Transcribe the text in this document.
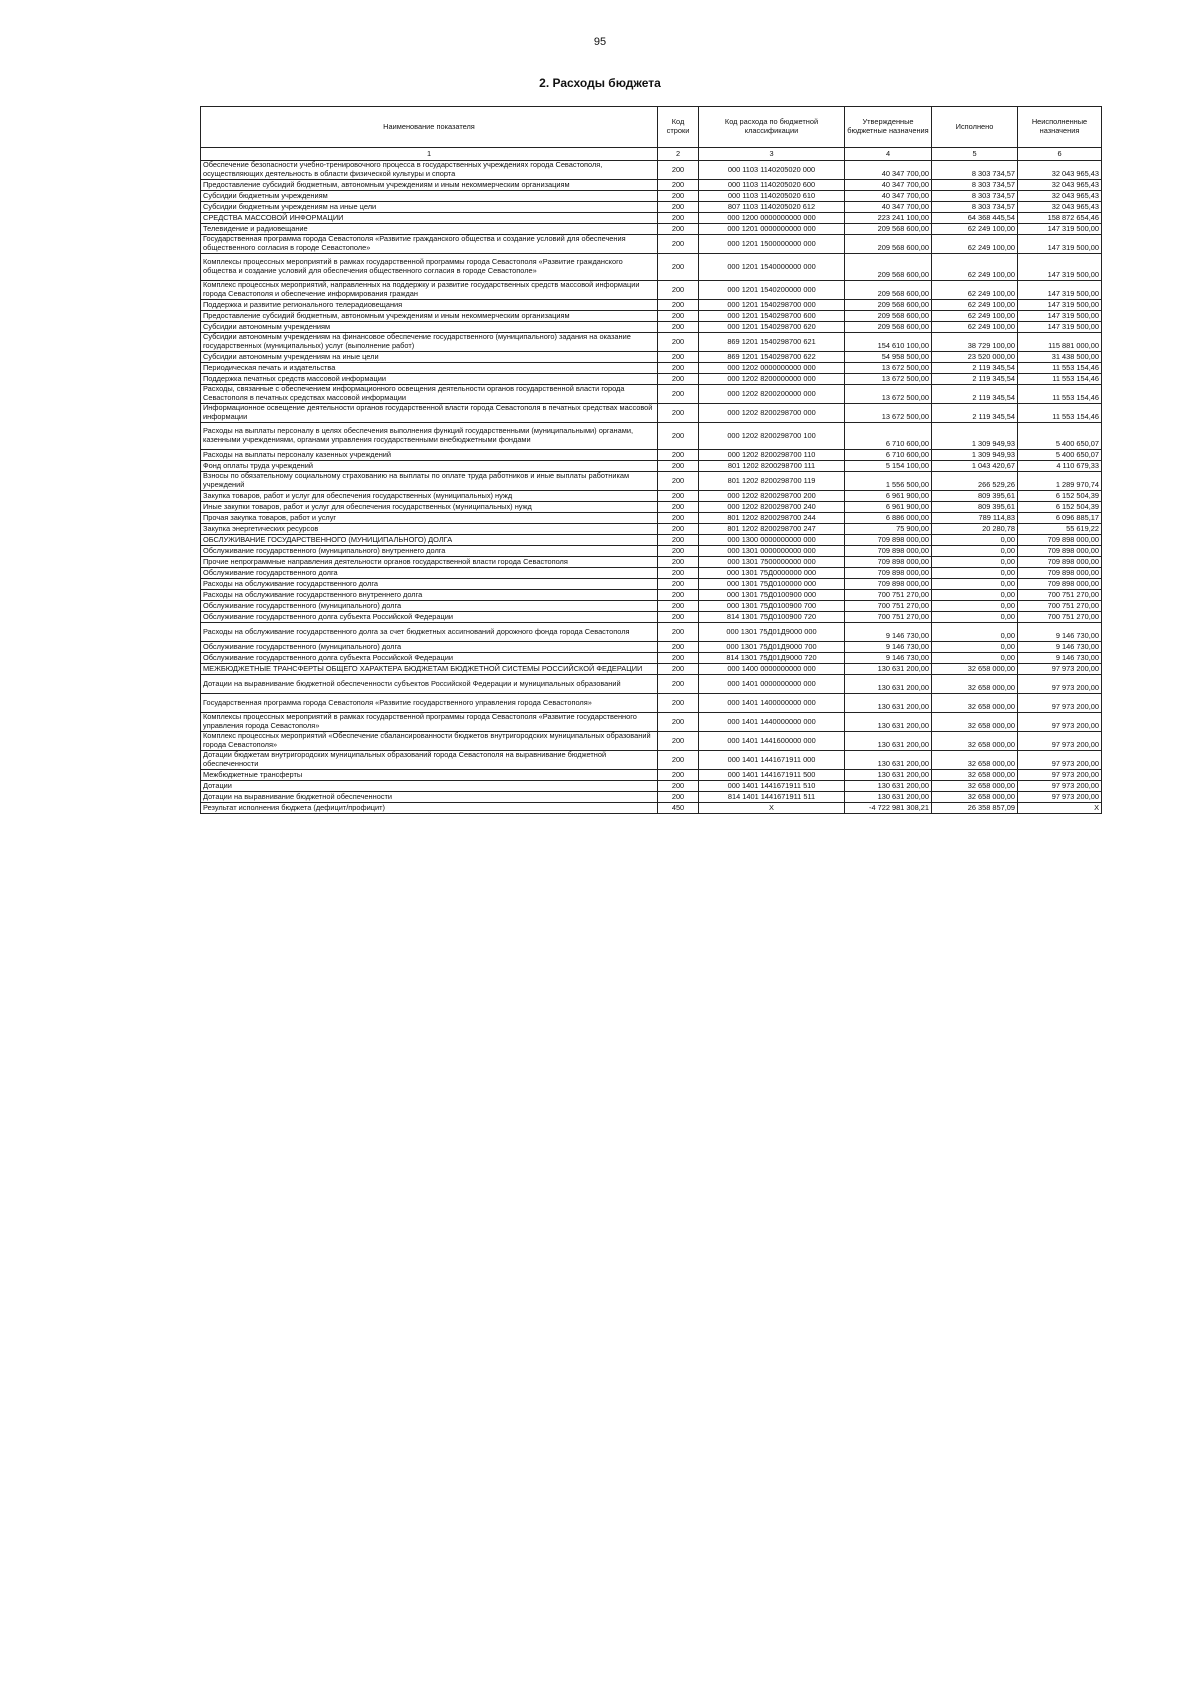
95
2. Расходы бюджета
Наименование показателя	Код строки	Код расхода по бюджетной классификации	Утвержденные бюджетные назначения	Исполнено	Неисполненные назначения
1	2	3	4	5	6
Обеспечение безопасности учебно-тренировочного процесса в государственных учреждениях города Севастополя, осуществляющих деятельность в области физической культуры и спорта	200	000 1103 1140205020 000	40 347 700,00	8 303 734,57	32 043 965,43
Предоставление субсидий бюджетным, автономным учреждениям и иным некоммерческим организациям	200	000 1103 1140205020 600	40 347 700,00	8 303 734,57	32 043 965,43
Субсидии бюджетным учреждениям	200	000 1103 1140205020 610	40 347 700,00	8 303 734,57	32 043 965,43
Субсидии бюджетным учреждениям на иные цели	200	807 1103 1140205020 612	40 347 700,00	8 303 734,57	32 043 965,43
СРЕДСТВА МАССОВОЙ ИНФОРМАЦИИ	200	000 1200 0000000000 000	223 241 100,00	64 368 445,54	158 872 654,46
Телевидение и радиовещание	200	000 1201 0000000000 000	209 568 600,00	62 249 100,00	147 319 500,00
Государственная программа города Севастополя «Развитие гражданского общества и создание условий для обеспечения общественного согласия в городе Севастополе»	200	000 1201 1500000000 000	209 568 600,00	62 249 100,00	147 319 500,00
Комплексы процессных мероприятий в рамках государственной программы города Севастополя «Развитие гражданского общества и создание условий для обеспечения общественного согласия в городе Севастополе»	200	000 1201 1540000000 000	209 568 600,00	62 249 100,00	147 319 500,00
Комплекс процессных мероприятий, направленных на поддержку и развитие государственных средств массовой информации города Севастополя и обеспечение информирования граждан	200	000 1201 1540200000 000	209 568 600,00	62 249 100,00	147 319 500,00
Поддержка и развитие регионального телерадиовещания	200	000 1201 1540298700 000	209 568 600,00	62 249 100,00	147 319 500,00
Предоставление субсидий бюджетным, автономным учреждениям и иным некоммерческим организациям	200	000 1201 1540298700 600	209 568 600,00	62 249 100,00	147 319 500,00
Субсидии автономным учреждениям	200	000 1201 1540298700 620	209 568 600,00	62 249 100,00	147 319 500,00
Субсидии автономным учреждениям на финансовое обеспечение государственного (муниципального) задания на оказание государственных (муниципальных) услуг (выполнение работ)	200	869 1201 1540298700 621	154 610 100,00	38 729 100,00	115 881 000,00
Субсидии автономным учреждениям на иные цели	200	869 1201 1540298700 622	54 958 500,00	23 520 000,00	31 438 500,00
Периодическая печать и издательства	200	000 1202 0000000000 000	13 672 500,00	2 119 345,54	11 553 154,46
Поддержка печатных средств массовой информации	200	000 1202 8200000000 000	13 672 500,00	2 119 345,54	11 553 154,46
Расходы, связанные с обеспечением информационного освещения деятельности органов государственной власти города Севастополя в печатных средствах массовой информации	200	000 1202 8200200000 000	13 672 500,00	2 119 345,54	11 553 154,46
Информационное освещение деятельности органов государственной власти города Севастополя в печатных средствах массовой информации	200	000 1202 8200298700 000	13 672 500,00	2 119 345,54	11 553 154,46
Расходы на выплаты персоналу в целях обеспечения выполнения функций государственными (муниципальными) органами, казенными учреждениями, органами управления государственными внебюджетными фондами	200	000 1202 8200298700 100	6 710 600,00	1 309 949,93	5 400 650,07
Расходы на выплаты персоналу казенных учреждений	200	000 1202 8200298700 110	6 710 600,00	1 309 949,93	5 400 650,07
Фонд оплаты труда учреждений	200	801 1202 8200298700 111	5 154 100,00	1 043 420,67	4 110 679,33
Взносы по обязательному социальному страхованию на выплаты по оплате труда работников и иные выплаты работникам учреждений	200	801 1202 8200298700 119	1 556 500,00	266 529,26	1 289 970,74
Закупка товаров, работ и услуг для обеспечения государственных (муниципальных) нужд	200	000 1202 8200298700 200	6 961 900,00	809 395,61	6 152 504,39
Иные закупки товаров, работ и услуг для обеспечения государственных (муниципальных) нужд	200	000 1202 8200298700 240	6 961 900,00	809 395,61	6 152 504,39
Прочая закупка товаров, работ и услуг	200	801 1202 8200298700 244	6 886 000,00	789 114,83	6 096 885,17
Закупка энергетических ресурсов	200	801 1202 8200298700 247	75 900,00	20 280,78	55 619,22
ОБСЛУЖИВАНИЕ ГОСУДАРСТВЕННОГО (МУНИЦИПАЛЬНОГО) ДОЛГА	200	000 1300 0000000000 000	709 898 000,00	0,00	709 898 000,00
Обслуживание государственного (муниципального) внутреннего долга	200	000 1301 0000000000 000	709 898 000,00	0,00	709 898 000,00
Прочие непрограммные направления деятельности органов государственной власти города Севастополя	200	000 1301 7500000000 000	709 898 000,00	0,00	709 898 000,00
Обслуживание государственного долга	200	000 1301 75Д0000000 000	709 898 000,00	0,00	709 898 000,00
Расходы на обслуживание государственного долга	200	000 1301 75Д0100000 000	709 898 000,00	0,00	709 898 000,00
Расходы на обслуживание государственного внутреннего долга	200	000 1301 75Д0100900 000	700 751 270,00	0,00	700 751 270,00
Обслуживание государственного (муниципального) долга	200	000 1301 75Д0100900 700	700 751 270,00	0,00	700 751 270,00
Обслуживание государственного долга субъекта Российской Федерации	200	814 1301 75Д0100900 720	700 751 270,00	0,00	700 751 270,00
Расходы на обслуживание государственного долга за счет бюджетных ассигнований дорожного фонда города Севастополя	200	000 1301 75Д01Д9000 000	9 146 730,00	0,00	9 146 730,00
Обслуживание государственного (муниципального) долга	200	000 1301 75Д01Д9000 700	9 146 730,00	0,00	9 146 730,00
Обслуживание государственного долга субъекта Российской Федерации	200	814 1301 75Д01Д9000 720	9 146 730,00	0,00	9 146 730,00
МЕЖБЮДЖЕТНЫЕ ТРАНСФЕРТЫ ОБЩЕГО ХАРАКТЕРА БЮДЖЕТАМ БЮДЖЕТНОЙ СИСТЕМЫ РОССИЙСКОЙ ФЕДЕРАЦИИ	200	000 1400 0000000000 000	130 631 200,00	32 658 000,00	97 973 200,00
Дотации на выравнивание бюджетной обеспеченности субъектов Российской Федерации и муниципальных образований	200	000 1401 0000000000 000	130 631 200,00	32 658 000,00	97 973 200,00
Государственная программа города Севастополя «Развитие государственного управления города Севастополя»	200	000 1401 1400000000 000	130 631 200,00	32 658 000,00	97 973 200,00
Комплексы процессных мероприятий в рамках государственной программы города Севастополя «Развитие государственного управления города Севастополя»	200	000 1401 1440000000 000	130 631 200,00	32 658 000,00	97 973 200,00
Комплекс процессных мероприятий «Обеспечение сбалансированности бюджетов внутригородских муниципальных образований города Севастополя»	200	000 1401 1441600000 000	130 631 200,00	32 658 000,00	97 973 200,00
Дотации бюджетам внутригородских муниципальных образований города Севастополя на выравнивание бюджетной обеспеченности	200	000 1401 1441671911 000	130 631 200,00	32 658 000,00	97 973 200,00
Межбюджетные трансферты	200	000 1401 1441671911 500	130 631 200,00	32 658 000,00	97 973 200,00
Дотации	200	000 1401 1441671911 510	130 631 200,00	32 658 000,00	97 973 200,00
Дотации на выравнивание бюджетной обеспеченности	200	814 1401 1441671911 511	130 631 200,00	32 658 000,00	97 973 200,00
Результат исполнения бюджета (дефицит/профицит)	450	X	-4 722 981 308,21	26 358 857,09	X
